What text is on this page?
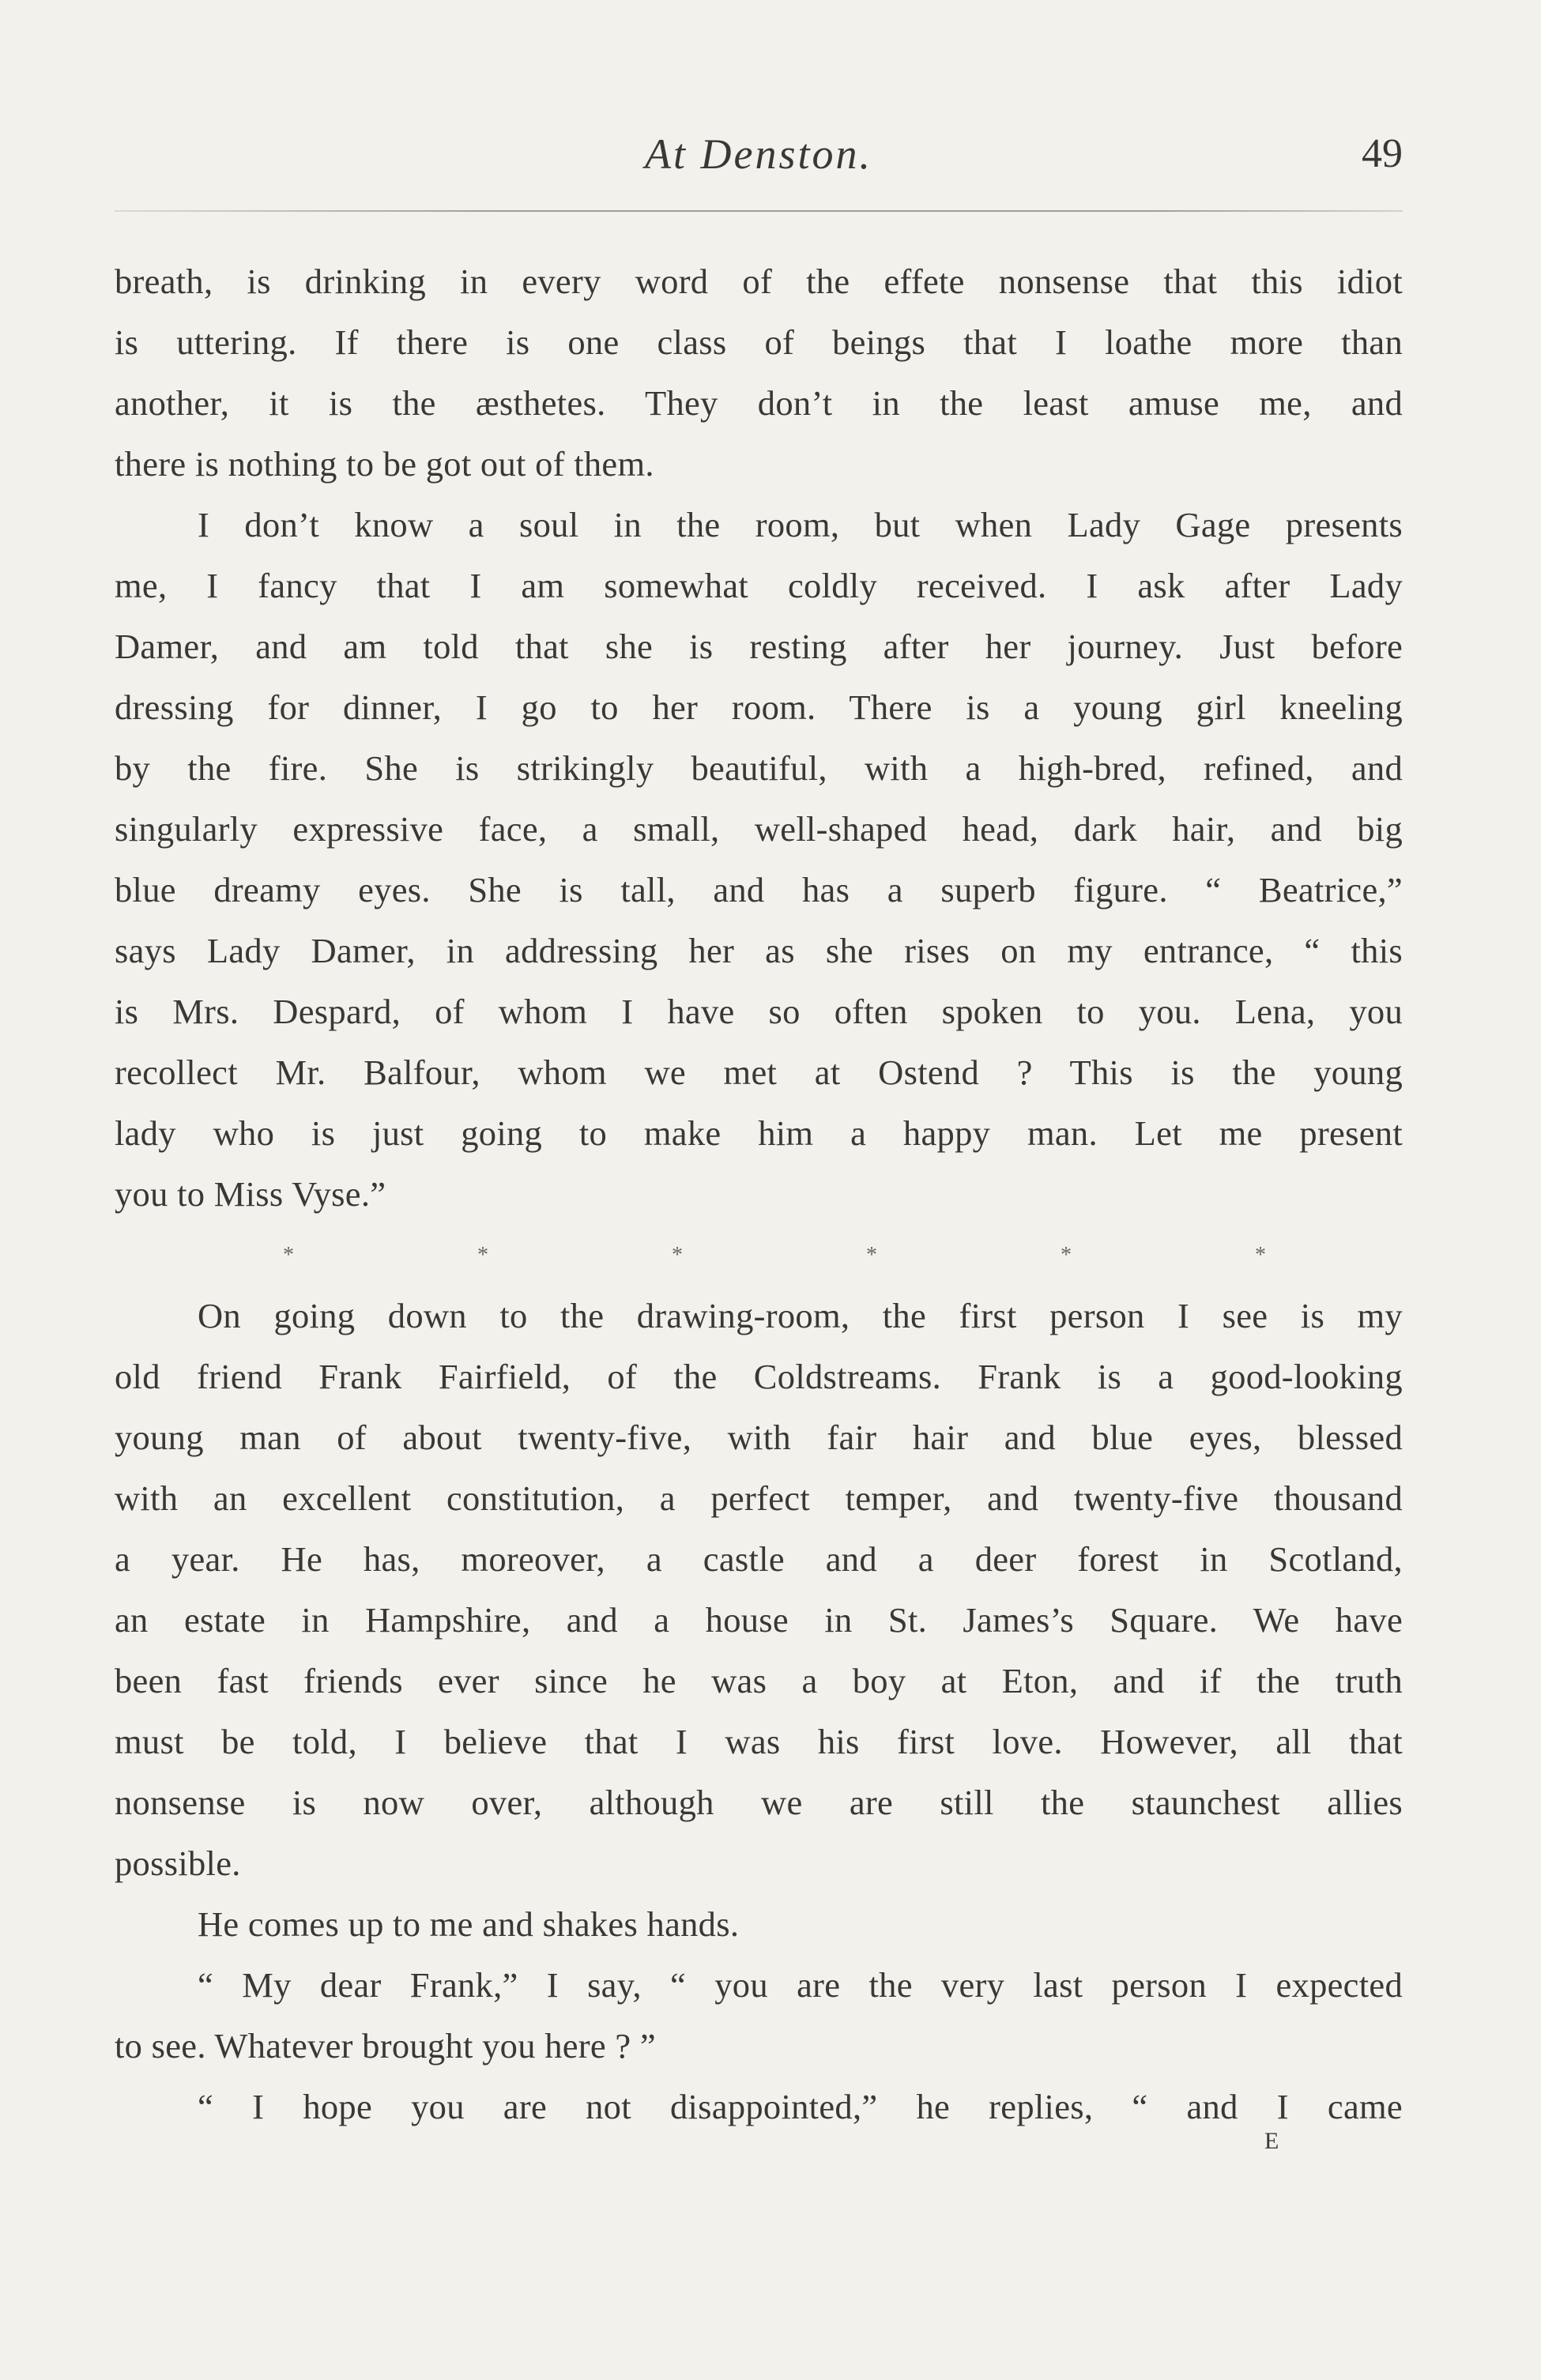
At Denston.	49
breath, is drinking in every word of the effete nonsense that this idiot
is uttering. If there is one class of beings that I loathe more than
another, it is the æsthetes. They don’t in the least amuse me, and
there is nothing to be got out of them.
I don’t know a soul in the room, but when Lady Gage presents
me, I fancy that I am somewhat coldly received. I ask after Lady
Damer, and am told that she is resting after her journey. Just before
dressing for dinner, I go to her room. There is a young girl kneeling
by the fire. She is strikingly beautiful, with a high-bred, refined, and
singularly expressive face, a small, well-shaped head, dark hair, and big
blue dreamy eyes. She is tall, and has a superb figure. “ Beatrice,”
says Lady Damer, in addressing her as she rises on my entrance, “ this
is Mrs. Despard, of whom I have so often spoken to you. Lena, you
recollect Mr. Balfour, whom we met at Ostend ? This is the young
lady who is just going to make him a happy man. Let me present
you to Miss Vyse.”
*	*	*	*	*	*
On going down to the drawing-room, the first person I see is my
old friend Frank Fairfield, of the Coldstreams. Frank is a good-looking
young man of about twenty-five, with fair hair and blue eyes, blessed
with an excellent constitution, a perfect temper, and twenty-five thousand
a year. He has, moreover, a castle and a deer forest in Scotland,
an estate in Hampshire, and a house in St. James’s Square. We have
been fast friends ever since he was a boy at Eton, and if the truth
must be told, I believe that I was his first love. However, all that
nonsense is now over, although we are still the staunchest allies
possible.
He comes up to me and shakes hands.
“ My dear Frank,” I say, “ you are the very last person I expected
to see. Whatever brought you here ? ”
“ I hope you are not disappointed,” he replies, “ and I came
E
